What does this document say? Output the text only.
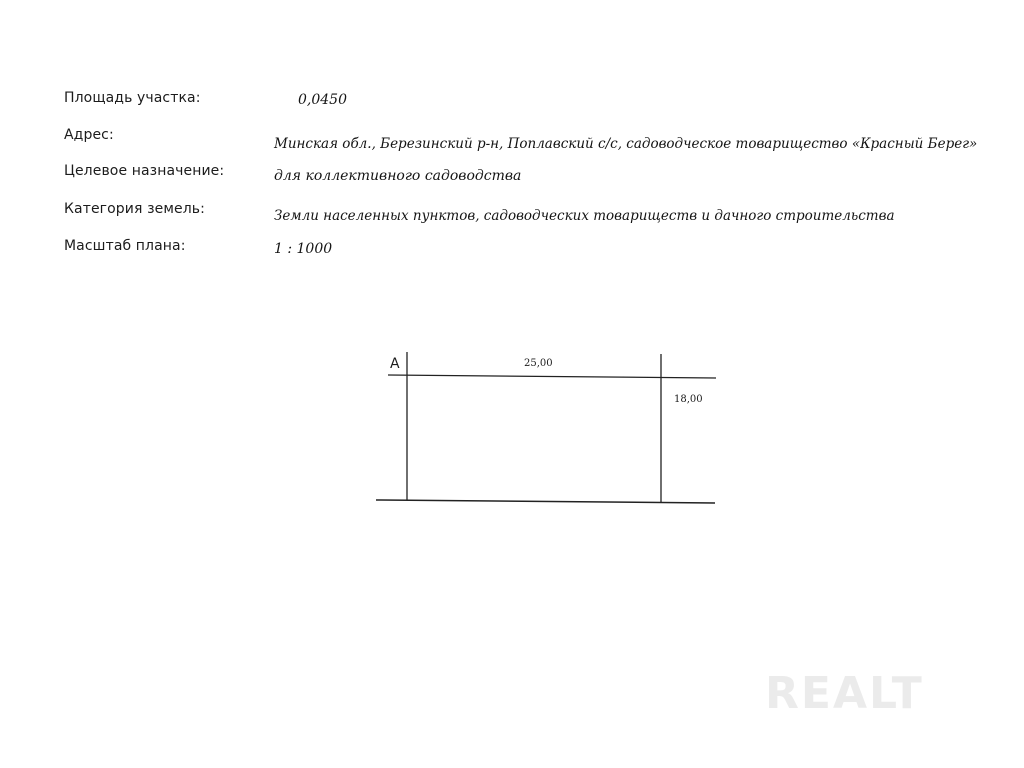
Площадь участка:	0,0450
Адрес:
Минская обл., Березинский р-н, Поплавский с/с, садоводческое товарищество «Красный Берег»
Целевое назначение:	для коллективного садоводства
Категория земель:	Земли населенных пунктов, садоводческих товариществ и дачного строительства
Масштаб плана:	1 : 1000
А	25,00
18,00
REALT
